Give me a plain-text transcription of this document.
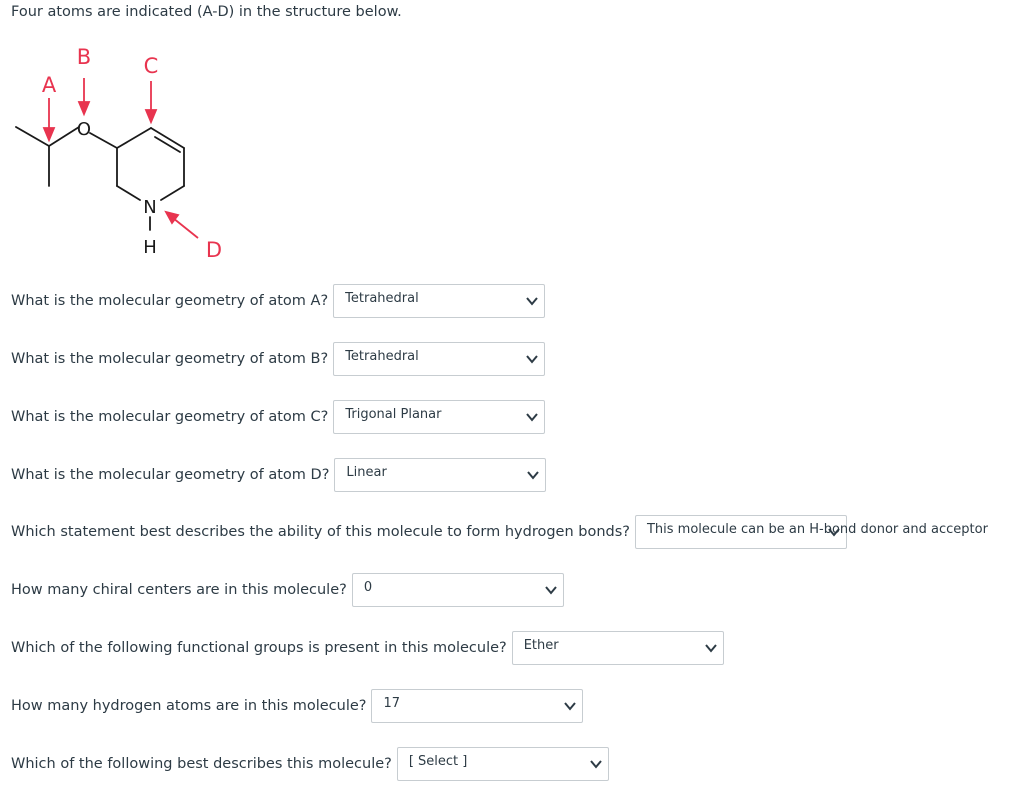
Four atoms are indicated (A-D) in the structure below.
O
N
H
A
B C
D
What is the molecular geometry of atom A? Tetrahedral
What is the molecular geometry of atom B? Tetrahedral
What is the molecular geometry of atom C? Trigonal Planar
What is the molecular geometry of atom D? Linear
Which statement best describes the ability of this molecule to form hydrogen bonds? This molecule can be an H-bond donor and acceptor
How many chiral centers are in this molecule? 0
Which of the following functional groups is present in this molecule? Ether
How many hydrogen atoms are in this molecule? 17
Which of the following best describes this molecule? [ Select ]
